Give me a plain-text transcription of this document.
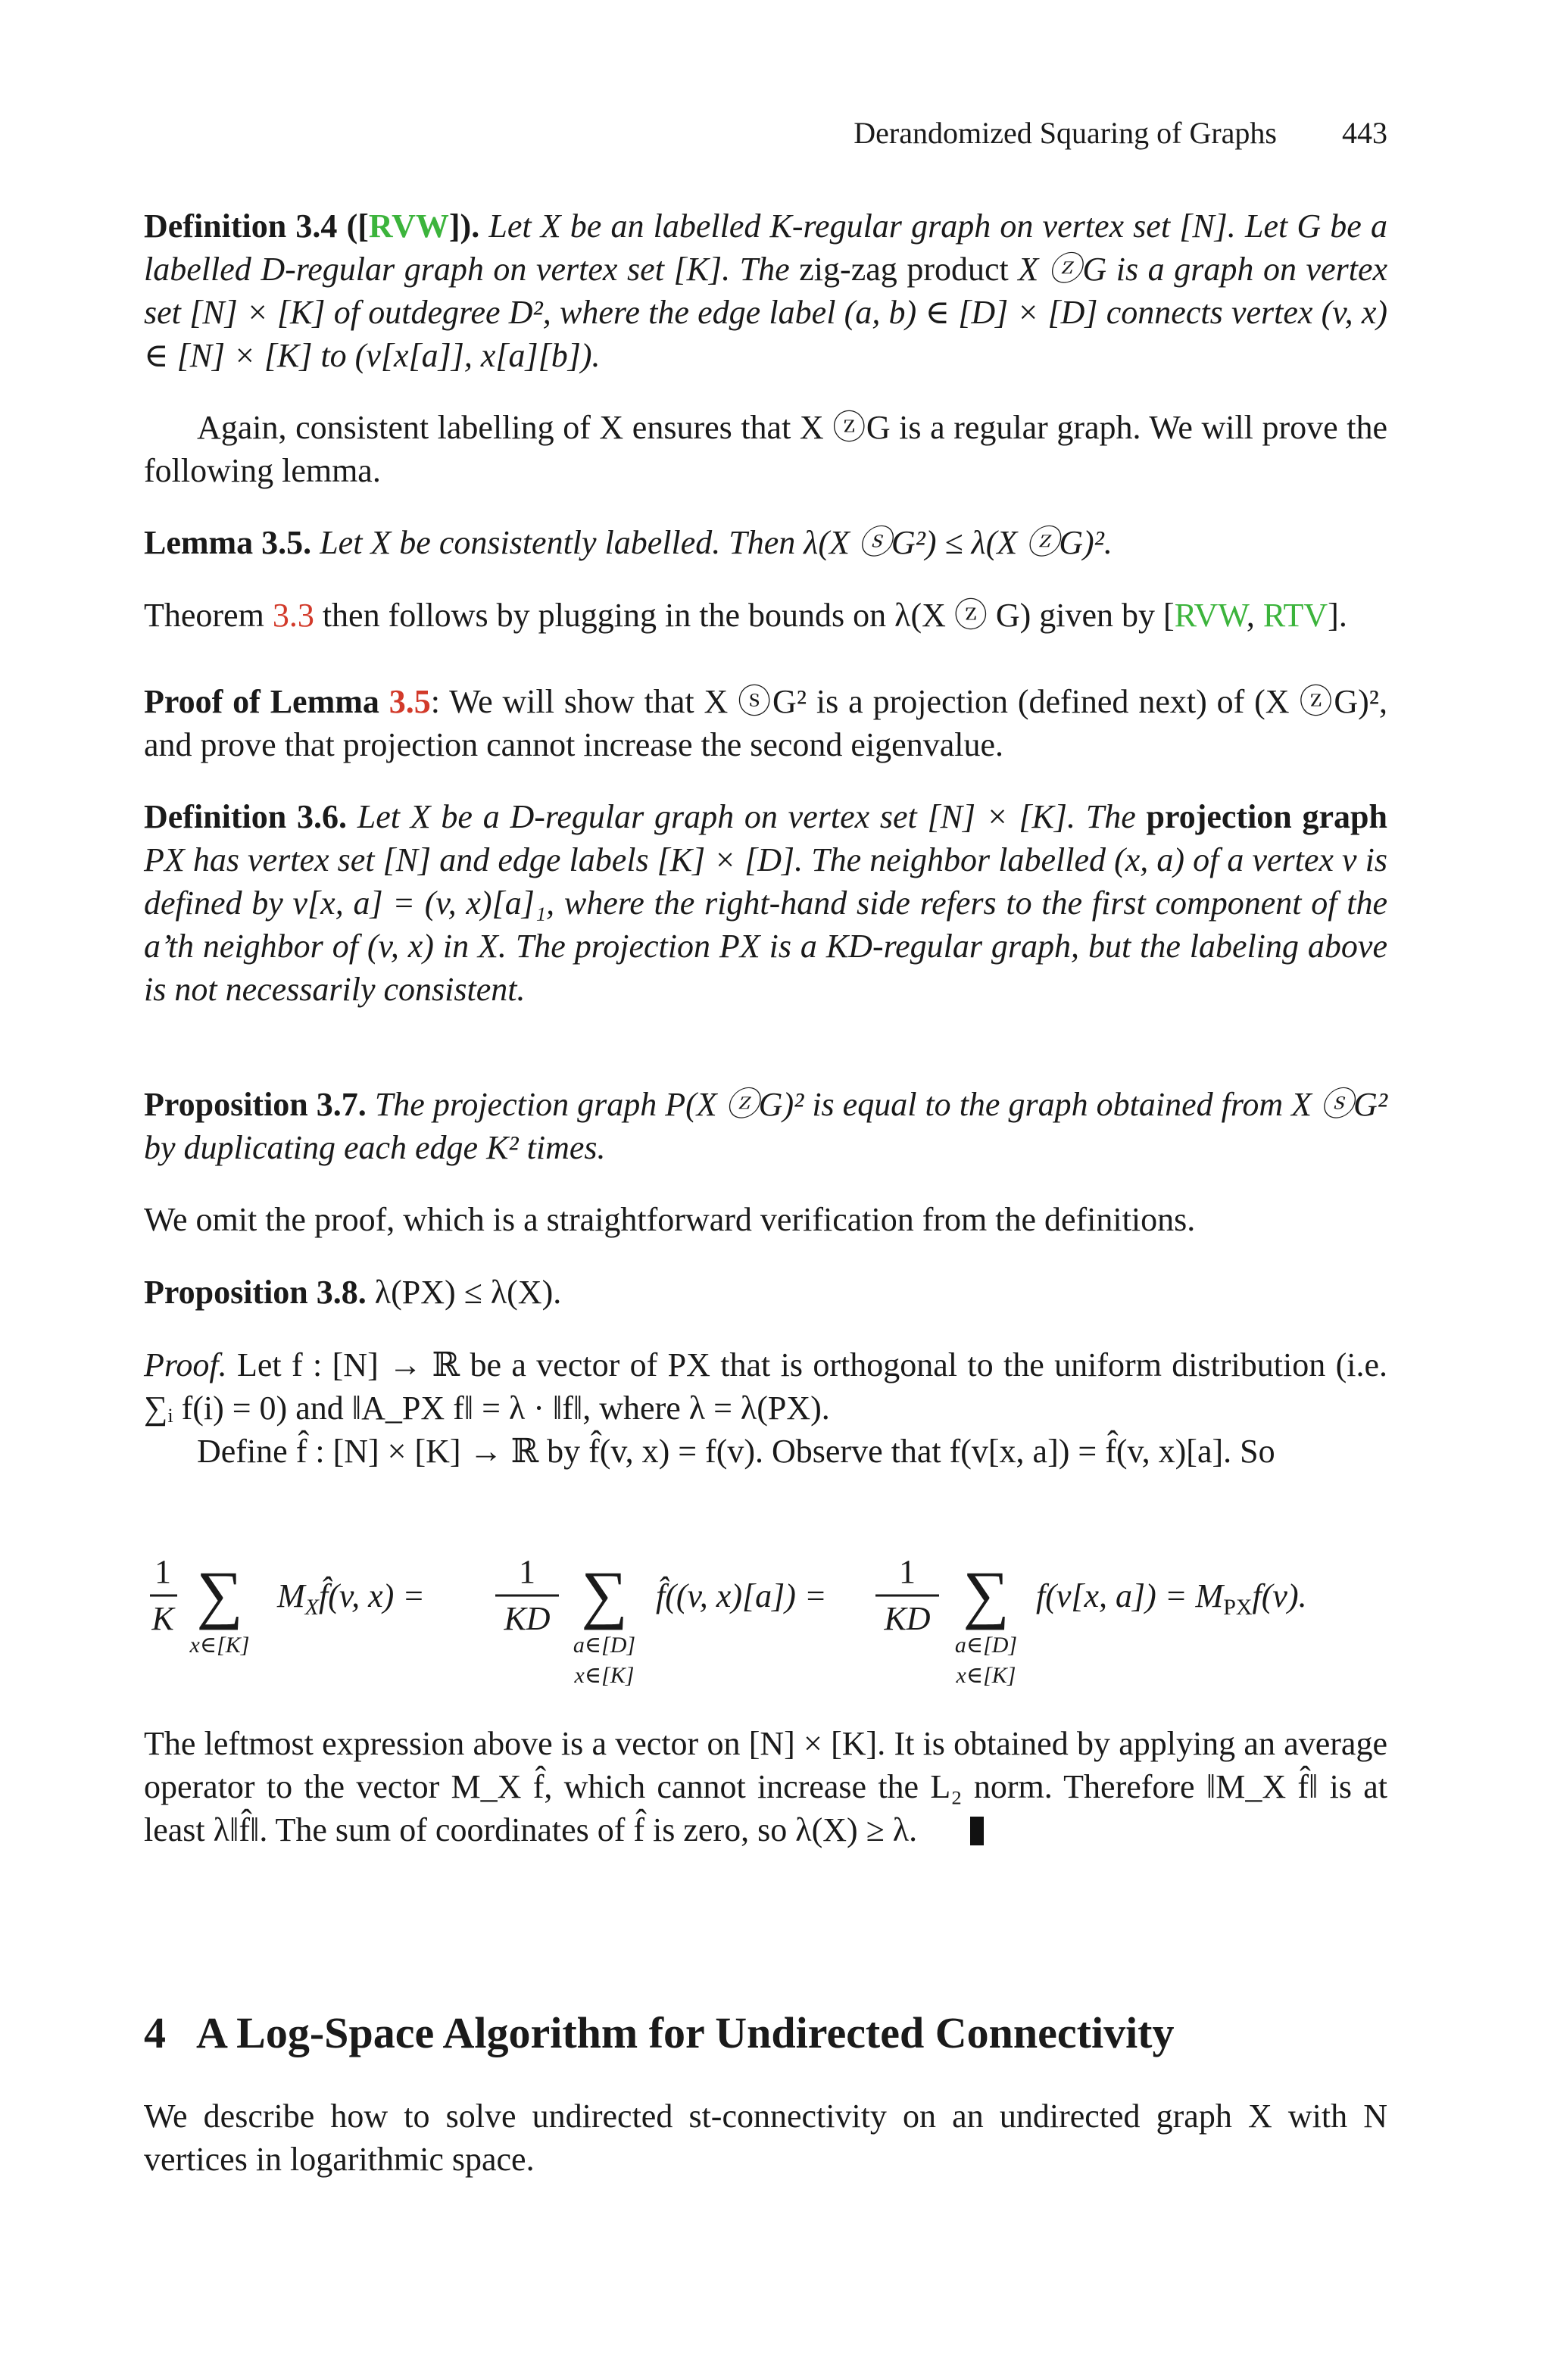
Derandomized Squaring of Graphs 443

Definition 3.4 ([RVW]). Let X be an labelled K-regular graph on vertex set [N]. Let G be a labelled D-regular graph on vertex set [K]. The zig-zag product X ⓩG is a graph on vertex set [N] × [K] of outdegree D², where the edge label (a, b) ∈ [D] × [D] connects vertex (v, x) ∈ [N] × [K] to (v[x[a]], x[a][b]).

Again, consistent labelling of X ensures that X ⓩG is a regular graph. We will prove the following lemma.

Lemma 3.5. Let X be consistently labelled. Then λ(X ⓢG²) ≤ λ(X ⓩG)².

Theorem 3.3 then follows by plugging in the bounds on λ(X ⓩ G) given by [RVW, RTV].

Proof of Lemma 3.5: We will show that X ⓢG² is a projection (defined next) of (X ⓩG)², and prove that projection cannot increase the second eigenvalue.

Definition 3.6. Let X be a D-regular graph on vertex set [N] × [K]. The projection graph PX has vertex set [N] and edge labels [K] × [D]. The neighbor labelled (x, a) of a vertex v is defined by v[x, a] = (v, x)[a]₁, where the right-hand side refers to the first component of the a’th neighbor of (v, x) in X. The projection PX is a KD-regular graph, but the labeling above is not necessarily consistent.

Proposition 3.7. The projection graph P(X ⓩG)² is equal to the graph obtained from X ⓢG² by duplicating each edge K² times.

We omit the proof, which is a straightforward verification from the definitions.

Proposition 3.8. λ(PX) ≤ λ(X).

Proof. Let f : [N] → ℝ be a vector of PX that is orthogonal to the uniform distribution (i.e. ∑ᵢ f(i) = 0) and ‖A_PX f‖ = λ · ‖f‖, where λ = λ(PX).

Define f̂ : [N] × [K] → ℝ by f̂(v, x) = f(v). Observe that f(v[x, a]) = f̂(v, x)[a]. So

1
K ∑
x∈[K]
$M_Xf̂(v$, x) =
1
KD ∑
a∈[D]
x∈[K]
f̂((v, x)[a]) =
1
KD ∑
a∈[D]
x∈[K]
f(v[x, $a]) = M_{PX}f(v)$.

The leftmost expression above is a vector on [N] × [K]. It is obtained by applying an average operator to the vector M_X f̂, which cannot increase the L₂ norm. Therefore ‖M_X f̂‖ is at least λ‖f̂‖. The sum of coordinates of f̂ is zero, so λ(X) ≥ λ.

4 A Log-Space Algorithm for Undirected Connectivity

We describe how to solve undirected st-connectivity on an undirected graph X with N vertices in logarithmic space.
